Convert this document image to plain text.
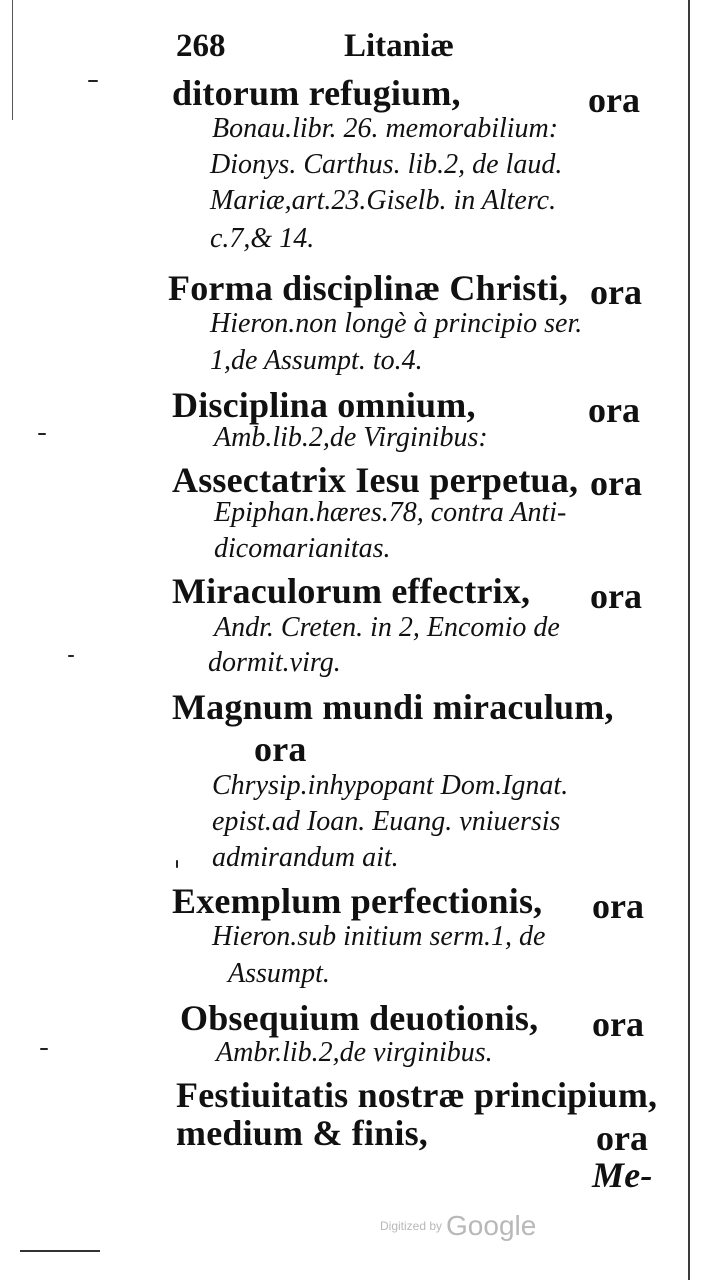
268	Litaniæ
ditorum refugium,	ora
Bonau.libr. 26. memorabilium:
Dionys. Carthus. lib.2, de laud.
Mariæ,art.23.Giselb. in Alterc.
c.7,& 14.
Forma disciplinæ Christi, ora
Hieron.non longè à principio ser.
1,de Assumpt. to.4.
Disciplina omnium,	ora
Amb.lib.2,de Virginibus:
Assectatrix Iesu perpetua, ora
Epiphan.hæres.78, contra Anti-
dicomarianitas.
Miraculorum effectrix, ora
Andr. Creten. in 2, Encomio de
dormit.virg.
Magnum mundi miraculum,
ora
Chrysip.inhypopant Dom.Ignat.
epist.ad Ioan. Euang. vniuersis
admirandum ait.
Exemplum perfectionis, ora
Hieron.sub initium serm.1, de
Assumpt.
Obsequium deuotionis, ora
Ambr.lib.2,de virginibus.
Festiuitatis nostræ principium,
medium & finis,	ora
Me-
Digitized by Google
